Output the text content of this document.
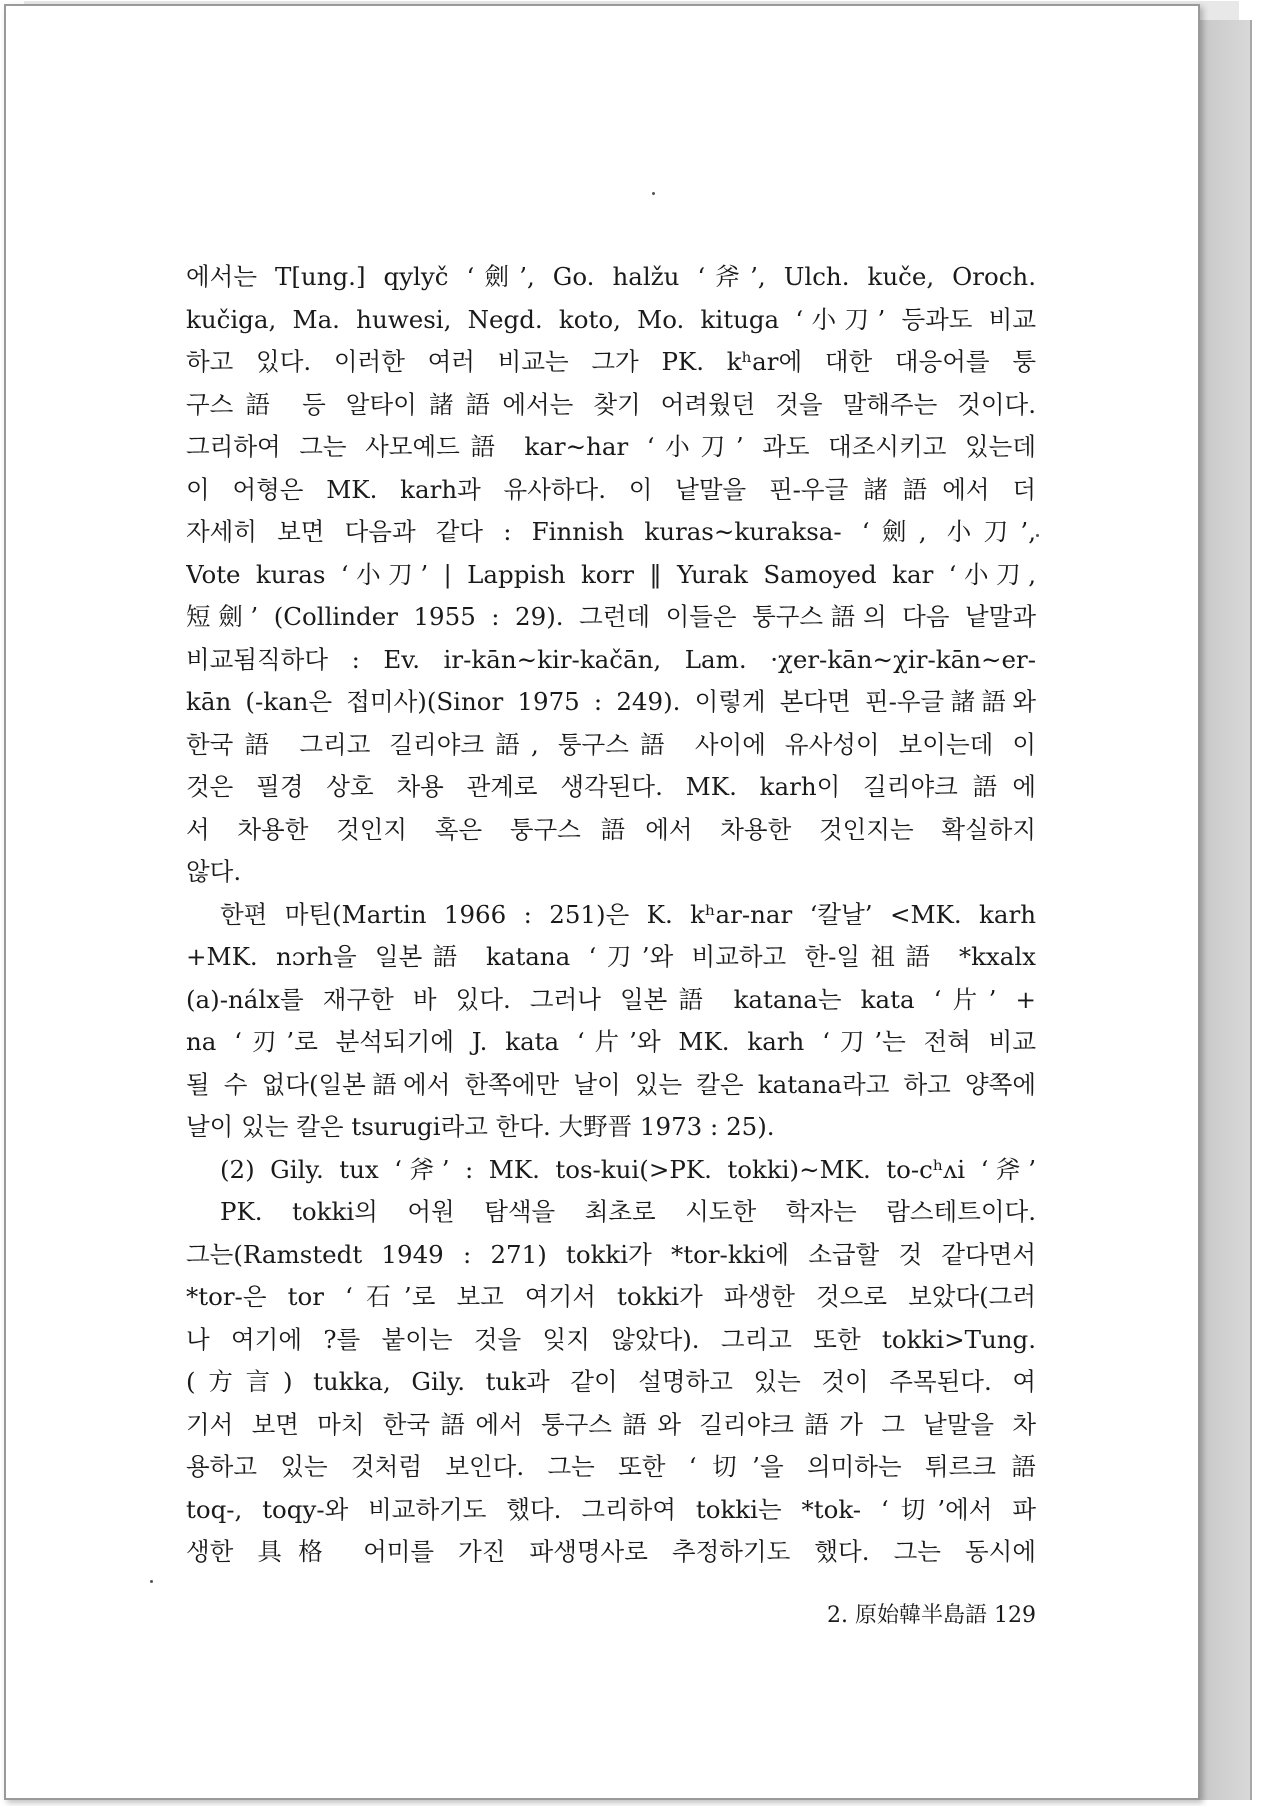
에서는 T[ung.] qylyč ‘劍’, Go. halžu ‘斧’, Ulch. kuče, Oroch.
kučiga, Ma. huwesi, Negd. koto, Mo. kituga ‘小刀’ 등과도 비교
하고 있다. 이러한 여러 비교는 그가 PK. kʰar에 대한 대응어를 퉁
구스語 등 알타이諸語에서는 찾기 어려웠던 것을 말해주는 것이다.
그리하여 그는 사모예드語 kar∼har ‘小刀’ 과도 대조시키고 있는데
이 어형은 MK. karh과 유사하다. 이 낱말을 핀-우글諸語에서 더
자세히 보면 다음과 같다 : Finnish kuras∼kuraksa- ‘劍, 小刀’,
Vote kuras ‘小刀’ | Lappish korr ‖ Yurak Samoyed kar ‘小刀,
短劍’ (Collinder 1955 : 29). 그런데 이들은 퉁구스語의 다음 낱말과
비교됨직하다 : Ev. ir-kān∼kir-kačān, Lam. ·χer-kān∼χir-kān∼er-
kān (-kan은 접미사)(Sinor 1975 : 249). 이렇게 본다면 핀-우글諸語와
한국語 그리고 길리야크語, 퉁구스語 사이에 유사성이 보이는데 이
것은 필경 상호 차용 관계로 생각된다. MK. karh이 길리야크語에
서 차용한 것인지 혹은 퉁구스語에서 차용한 것인지는 확실하지
않다.
한편 마틴(Martin 1966 : 251)은 K. kʰar-nar ‘칼날’ <MK. karh
+MK. nɔrh을 일본語 katana ‘刀’와 비교하고 한-일祖語 *kxalx
(a)-nálx를 재구한 바 있다. 그러나 일본語 katana는 kata ‘片’ +
na ‘刃’로 분석되기에 J. kata ‘片’와 MK. karh ‘刀’는 전혀 비교
될 수 없다(일본語에서 한쪽에만 날이 있는 칼은 katana라고 하고 양쪽에
날이 있는 칼은 tsurugi라고 한다. 大野晋 1973 : 25).
(2) Gily. tux ‘斧’ : MK. tos-kui(>PK. tokki)∼MK. to-cʰʌi ‘斧’
PK. tokki의 어원 탐색을 최초로 시도한 학자는 람스테트이다.
그는(Ramstedt 1949 : 271) tokki가 *tor-kki에 소급할 것 같다면서
*tor-은 tor ‘石’로 보고 여기서 tokki가 파생한 것으로 보았다(그러
나 여기에 ?를 붙이는 것을 잊지 않았다). 그리고 또한 tokki>Tung.
(方言) tukka, Gily. tuk과 같이 설명하고 있는 것이 주목된다. 여
기서 보면 마치 한국語에서 퉁구스語와 길리야크語가 그 낱말을 차
용하고 있는 것처럼 보인다. 그는 또한 ‘切’을 의미하는 튀르크語
toq-, toqy-와 비교하기도 했다. 그리하여 tokki는 *tok- ‘切’에서 파
생한 具格 어미를 가진 파생명사로 추정하기도 했다. 그는 동시에
2. 原始韓半島語 129
